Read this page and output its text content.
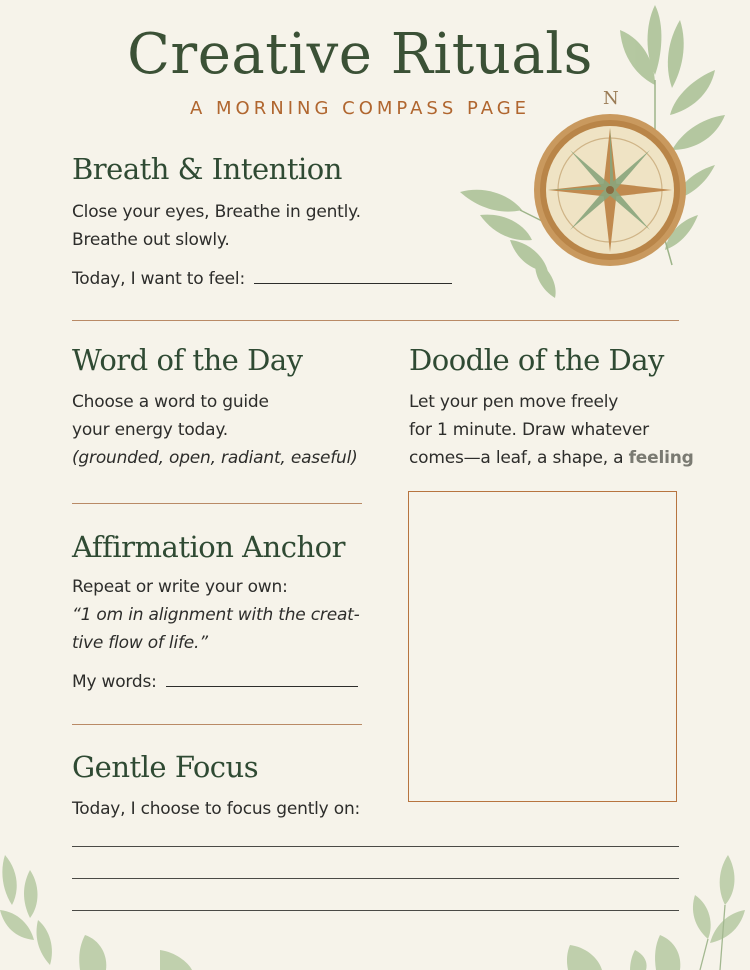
Creative Rituals
A MORNING COMPASS PAGE	N
Breath & Intention
Close your eyes, Breathe in gently.
Breathe out slowly.
Today, I want to feel:
Word of the Day
Choose a word to guide
your energy today.
(grounded, open, radiant, easeful)
Doodle of the Day
Let your pen move freely
for 1 minute. Draw whatever
comes—a leaf, a shape, a feeling
Affirmation Anchor
Repeat or write your own:
“1 om in alignment with the creat-
tive flow of life.”
My words:
Gentle Focus
Today, I choose to focus gently on:
